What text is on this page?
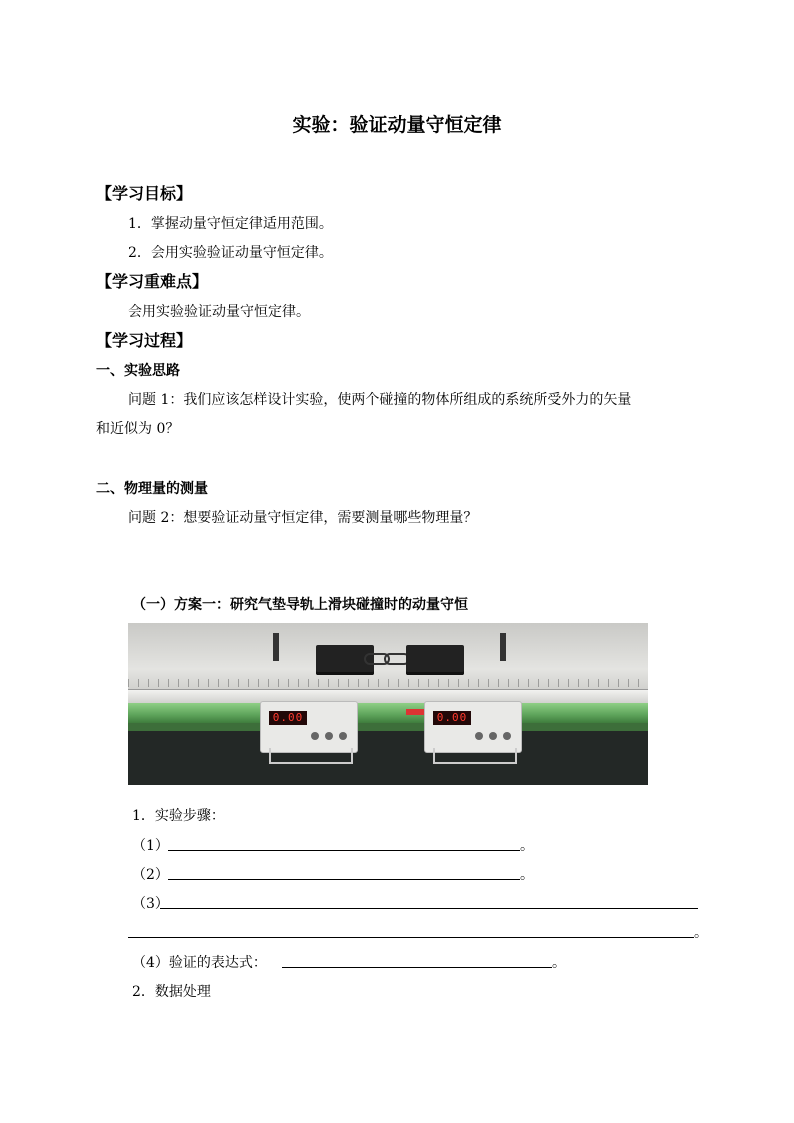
实验：验证动量守恒定律
【学习目标】
1．掌握动量守恒定律适用范围。
2．会用实验验证动量守恒定律。
【学习重难点】
会用实验验证动量守恒定律。
【学习过程】
一、实验思路
问题 1：我们应该怎样设计实验，使两个碰撞的物体所组成的系统所受外力的矢量
和近似为 0？
二、物理量的测量
问题 2：想要验证动量守恒定律，需要测量哪些物理量？
（一）方案一：研究气垫导轨上滑块碰撞时的动量守恒
0.00	0.00
1．实验步骤：
（1）	。
（2）	。
（3）
。
（4）验证的表达式：	。
2．数据处理
